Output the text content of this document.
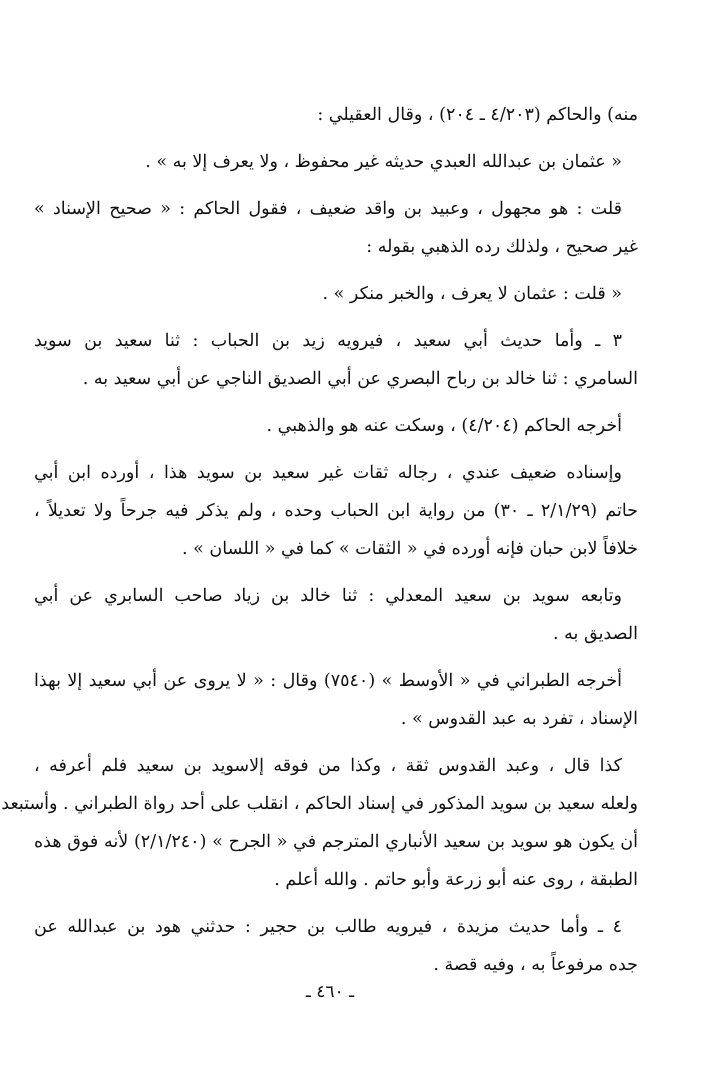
منه) والحاكم (٤/٢٠٣ ـ ٢٠٤) ، وقال العقيلي :

« عثمان بن عبدالله العبدي حديثه غير محفوظ ، ولا يعرف إلا به » .

قلت : هو مجهول ، وعبيد بن واقد ضعيف ، فقول الحاكم : « صحيح الإسناد »
غير صحيح ، ولذلك رده الذهبي بقوله :

« قلت : عثمان لا يعرف ، والخبر منكر » .

٣ ـ وأما حديث أبي سعيد ، فيرويه زيد بن الحباب : ثنا سعيد بن سويد
السامري : ثنا خالد بن رباح البصري عن أبي الصديق الناجي عن أبي سعيد به .

أخرجه الحاكم (٤/٢٠٤) ، وسكت عنه هو والذهبي .

وإسناده ضعيف عندي ، رجاله ثقات غير سعيد بن سويد هذا ، أورده ابن أبي
حاتم (٢/١/٢٩ ـ ٣٠) من رواية ابن الحباب وحده ، ولم يذكر فيه جرحاً ولا تعديلاً ،
خلافاً لابن حبان فإنه أورده في « الثقات » كما في « اللسان » .

وتابعه سويد بن سعيد المعدلي : ثنا خالد بن زياد صاحب السابري عن أبي
الصديق به .

أخرجه الطبراني في « الأوسط » (٧٥٤٠) وقال : « لا يروى عن أبي سعيد إلا بهذا
الإسناد ، تفرد به عبد القدوس » .

كذا قال ، وعبد القدوس ثقة ، وكذا من فوقه إلاسويد بن سعيد فلم أعرفه ،
ولعله سعيد بن سويد المذكور في إسناد الحاكم ، انقلب على أحد رواة الطبراني . وأستبعد
أن يكون هو سويد بن سعيد الأنباري المترجم في « الجرح » (٢/١/٢٤٠) لأنه فوق هذه
الطبقة ، روى عنه أبو زرعة وأبو حاتم . والله أعلم .

٤ ـ وأما حديث مزيدة ، فيرويه طالب بن حجير : حدثني هود بن عبدالله عن
جده مرفوعاً به ، وفيه قصة .

ـ ٤٦٠ ـ
